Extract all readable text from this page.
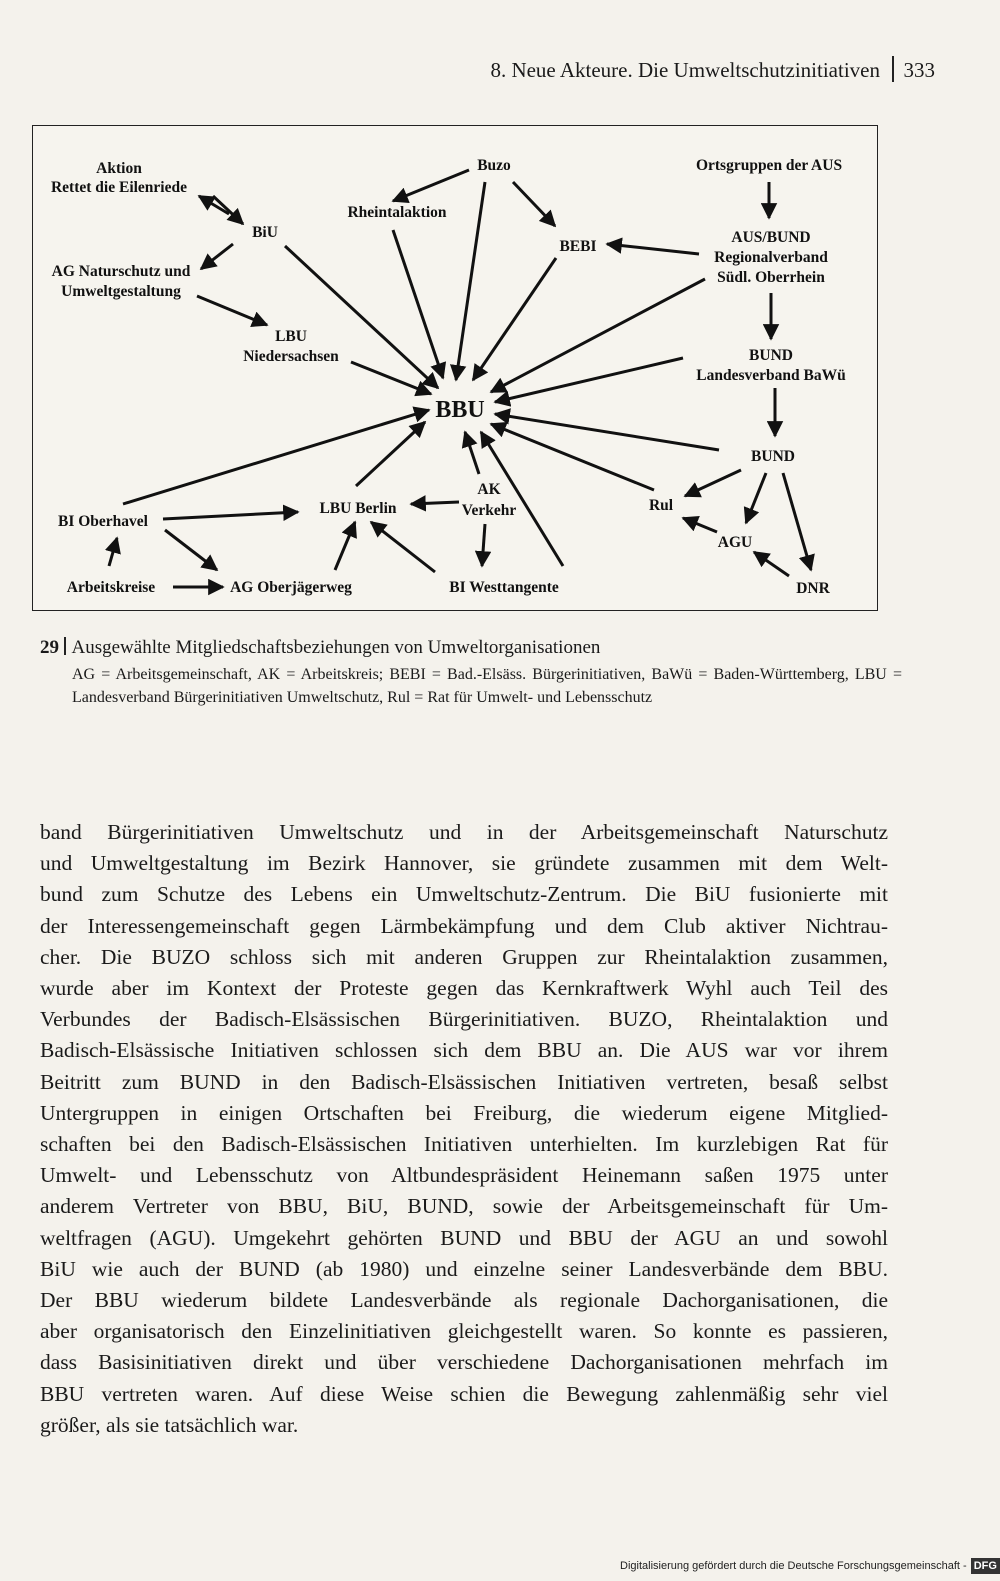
8. Neue Akteure. Die Umweltschutzinitiativen 333
BBU
Aktion
Rettet die Eilenriede
BiU
AG Naturschutz und
Umweltgestaltung
LBU
Niedersachsen
Rheintalaktion
Buzo
BEBI
Ortsgruppen der AUS
AUS/BUND
Regionalverband
Südl. Oberrhein
BUND
Landesverband BaWü
BUND
Rul
AGU
DNR
AK
Verkehr
LBU Berlin
BI Oberhavel
Arbeitskreise	AG Oberjägerweg	BI Westtangente
29 Ausgewählte Mitgliedschaftsbeziehungen von Umweltorganisationen
AG = Arbeitsgemeinschaft, AK = Arbeitskreis; BEBI = Bad.-Elsäss. Bürgerinitiativen, BaWü = Baden-Württemberg, LBU = Landesverband Bürgerinitiativen Umweltschutz, Rul = Rat für Umwelt- und Lebensschutz
band Bürgerinitiativen Umweltschutz und in der Arbeitsgemeinschaft Naturschutz
und Umweltgestaltung im Bezirk Hannover, sie gründete zusammen mit dem Welt-
bund zum Schutze des Lebens ein Umweltschutz-Zentrum. Die BiU fusionierte mit
der Interessengemeinschaft gegen Lärmbekämpfung und dem Club aktiver Nichtrau-
cher. Die BUZO schloss sich mit anderen Gruppen zur Rheintalaktion zusammen,
wurde aber im Kontext der Proteste gegen das Kernkraftwerk Wyhl auch Teil des
Verbundes der Badisch-Elsässischen Bürgerinitiativen. BUZO, Rheintalaktion und
Badisch-Elsässische Initiativen schlossen sich dem BBU an. Die AUS war vor ihrem
Beitritt zum BUND in den Badisch-Elsässischen Initiativen vertreten, besaß selbst
Untergruppen in einigen Ortschaften bei Freiburg, die wiederum eigene Mitglied-
schaften bei den Badisch-Elsässischen Initiativen unterhielten. Im kurzlebigen Rat für
Umwelt- und Lebensschutz von Altbundespräsident Heinemann saßen 1975 unter
anderem Vertreter von BBU, BiU, BUND, sowie der Arbeitsgemeinschaft für Um-
weltfragen (AGU). Umgekehrt gehörten BUND und BBU der AGU an und sowohl
BiU wie auch der BUND (ab 1980) und einzelne seiner Landesverbände dem BBU.
Der BBU wiederum bildete Landesverbände als regionale Dachorganisationen, die
aber organisatorisch den Einzelinitiativen gleichgestellt waren. So konnte es passieren,
dass Basisinitiativen direkt und über verschiedene Dachorganisationen mehrfach im
BBU vertreten waren. Auf diese Weise schien die Bewegung zahlenmäßig sehr viel
größer, als sie tatsächlich war.
Digitalisierung gefördert durch die Deutsche Forschungsgemeinschaft - DFG
